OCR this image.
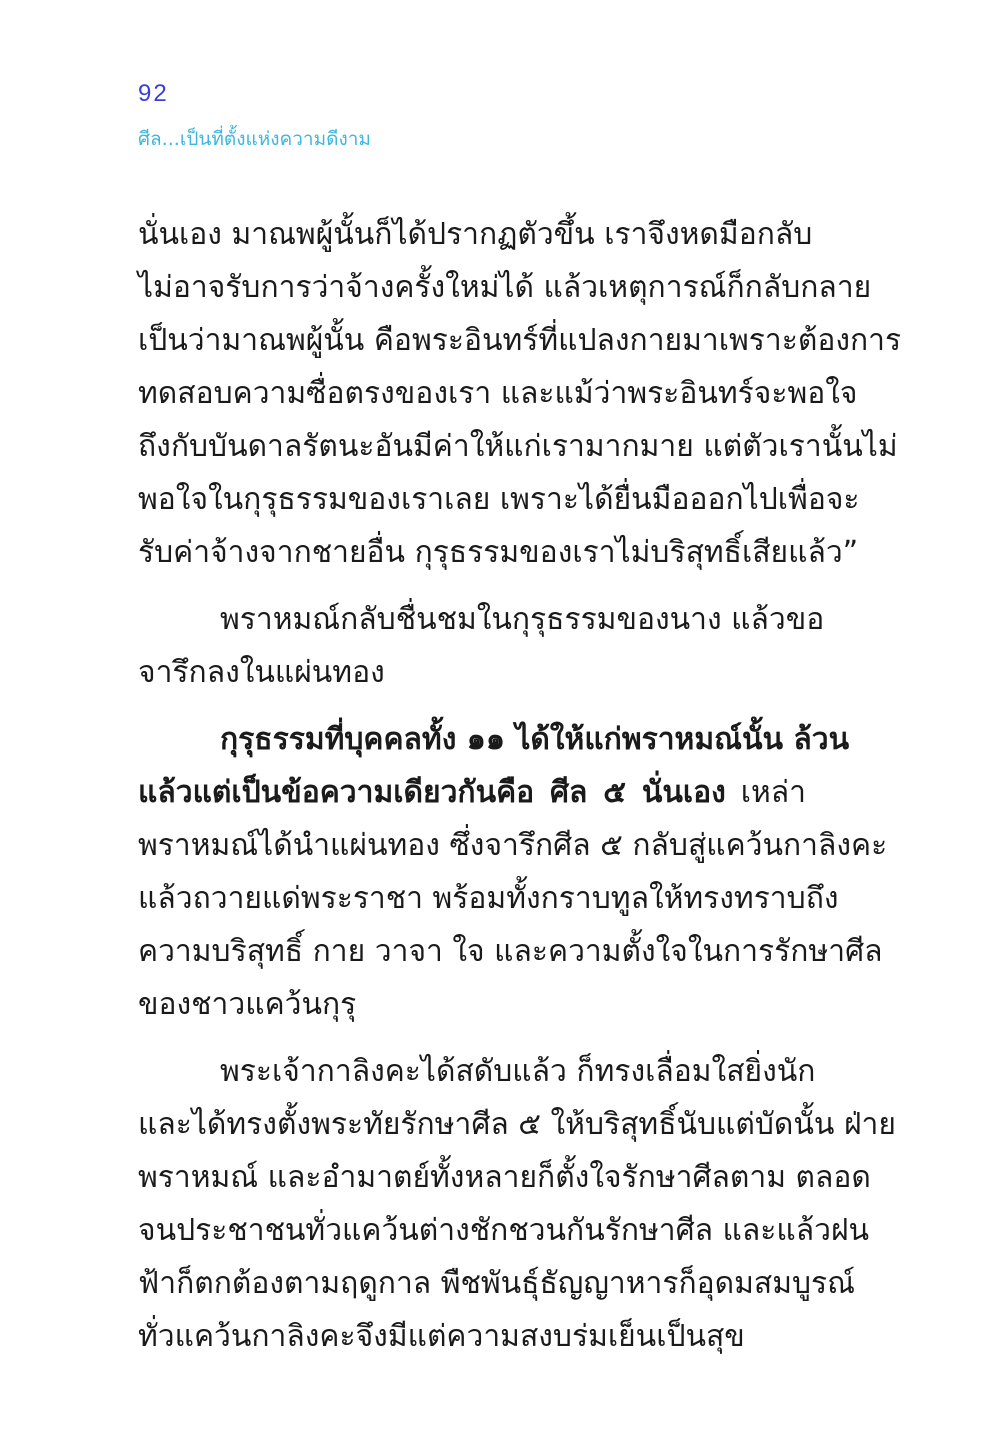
92
ศีล...เป็นที่ตั้งแห่งความดีงาม

นั่นเอง มาณพผู้นั้นก็ได้ปรากฏตัวขึ้น เราจึงหดมือกลับ
ไม่อาจรับการว่าจ้างครั้งใหม่ได้ แล้วเหตุการณ์ก็กลับกลาย
เป็นว่ามาณพผู้นั้น คือพระอินทร์ที่แปลงกายมาเพราะต้องการ
ทดสอบความซื่อตรงของเรา และแม้ว่าพระอินทร์จะพอใจ
ถึงกับบันดาลรัตนะอันมีค่าให้แก่เรามากมาย แต่ตัวเรานั้นไม่
พอใจในกุรุธรรมของเราเลย เพราะได้ยื่นมือออกไปเพื่อจะ
รับค่าจ้างจากชายอื่น กุรุธรรมของเราไม่บริสุทธิ์เสียแล้ว”

พราหมณ์กลับชื่นชมในกุรุธรรมของนาง แล้วขอ
จารึกลงในแผ่นทอง

กุรุธรรมที่บุคคลทั้ง ๑๑ ได้ให้แก่พราหมณ์นั้น ล้วน
แล้วแต่เป็นข้อความเดียวกันคือ ศีล ๕ นั่นเอง เหล่า
พราหมณ์ได้นำแผ่นทอง ซึ่งจารึกศีล ๕ กลับสู่แคว้นกาลิงคะ
แล้วถวายแด่พระราชา พร้อมทั้งกราบทูลให้ทรงทราบถึง
ความบริสุทธิ์ กาย วาจา ใจ และความตั้งใจในการรักษาศีล
ของชาวแคว้นกุรุ

พระเจ้ากาลิงคะได้สดับแล้ว ก็ทรงเลื่อมใสยิ่งนัก
และได้ทรงตั้งพระทัยรักษาศีล ๕ ให้บริสุทธิ์นับแต่บัดนั้น ฝ่าย
พราหมณ์ และอำมาตย์ทั้งหลายก็ตั้งใจรักษาศีลตาม ตลอด
จนประชาชนทั่วแคว้นต่างชักชวนกันรักษาศีล และแล้วฝน
ฟ้าก็ตกต้องตามฤดูกาล พืชพันธุ์ธัญญาหารก็อุดมสมบูรณ์
ทั่วแคว้นกาลิงคะจึงมีแต่ความสงบร่มเย็นเป็นสุข
